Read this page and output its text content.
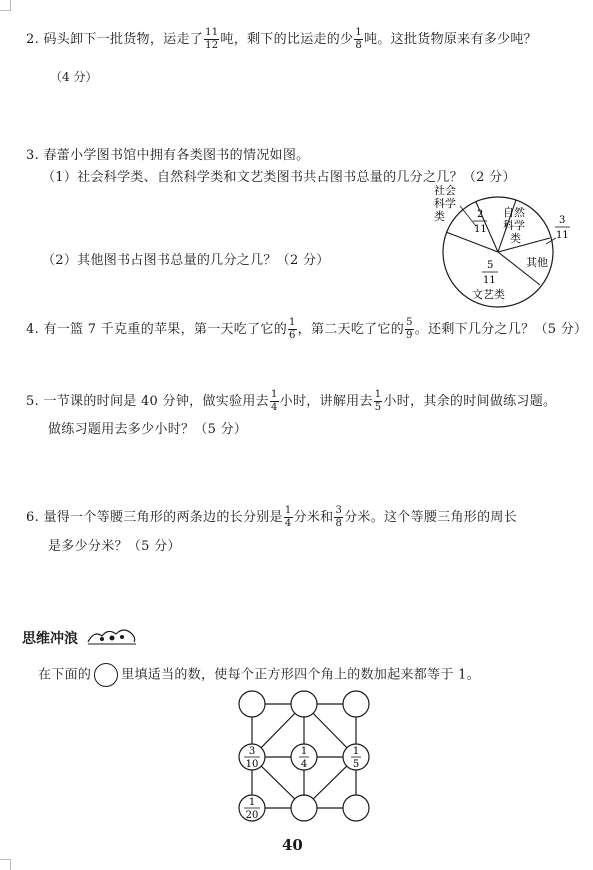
2. 码头卸下一批货物，运走了 $\frac{11}{12}$ 吨，剩下的比运走的少 $\frac{1}{8}$ 吨。这批货物原来有多少吨？
（4 分）
3. 春蕾小学图书馆中拥有各类图书的情况如图。
（1）社会科学类、自然科学类和文艺类图书共占图书总量的几分之几？（2 分）
（2）其他图书占图书总量的几分之几？（2 分）
社会
科学
类	2
11
自然
科学
类
3
11
其他
5
11
文艺类
4. 有一篮 7 千克重的苹果，第一天吃了它的 $\frac{1}{6}$ ，第二天吃了它的 $\frac{5}{9}$ 。还剩下几分之几？（5 分）
5. 一节课的时间是 40 分钟，做实验用去 $\frac{1}{4}$ 小时，讲解用去 $\frac{1}{5}$ 小时，其余的时间做练习题。
做练习题用去多少小时？（5 分）
6. 量得一个等腰三角形的两条边的长分别是 $\frac{1}{4}$ 分米和 $\frac{3}{8}$ 分米。这个等腰三角形的周长
是多少分米？（5 分）
思维冲浪
在下面的 里填适当的数，使每个正方形四个角上的数加起来都等于 1。
3
10
1
4
1
5
1
20
40
